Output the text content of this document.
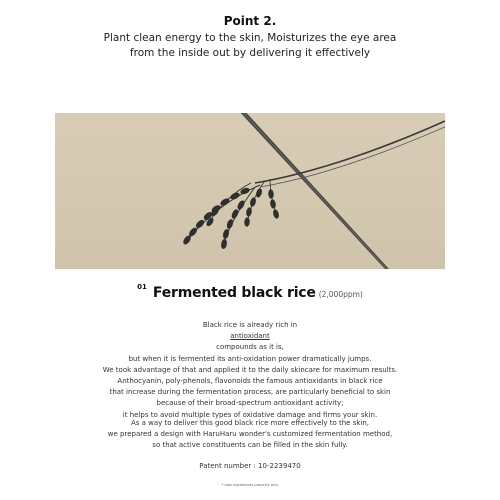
Point 2.
Plant clean energy to the skin, Moisturizes the eye area
from the inside out by delivering it effectively
01 Fermented black rice (2,000ppm)
Black rice is already rich in
antioxidant
compounds as it is,
but when it is fermented its anti-oxidation power dramatically jumps.
We took advantage of that and applied it to the daily skincare for maximum results.
Anthocyanin, poly-phenols, flavonoids the famous antioxidants in black rice
that increase during the fermentation process, are particularly beneficial to skin
because of their broad-spectrum antioxidant activity;
it helps to avoid multiple types of oxidative damage and firms your skin.
As a way to deliver this good black rice more effectively to the skin,
we prepared a design with HaruHaru wonder's customized fermentation method,
so that active constituents can be filled in the skin fully.
Patent number : 10-2239470
* how ingredients property only
